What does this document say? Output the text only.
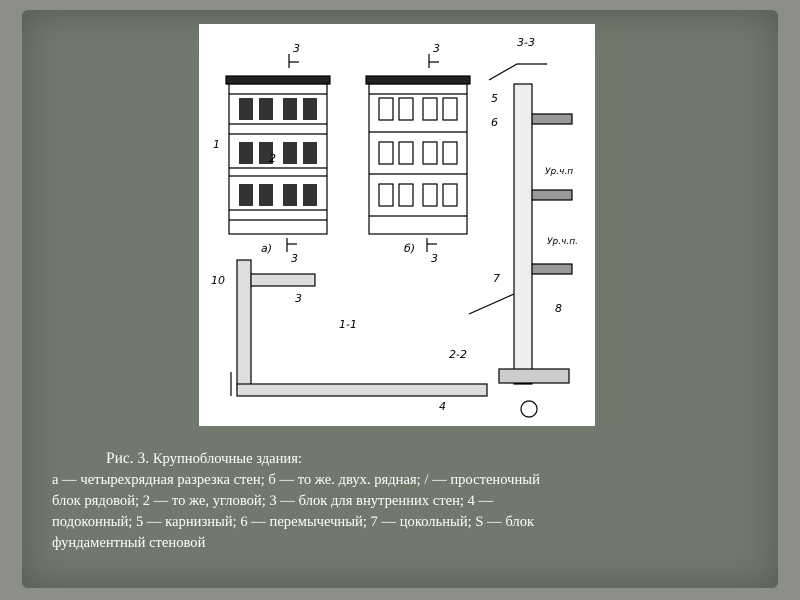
3	3
3	3
3-3
1-1
2-2
a)	б)
1
2
3
4
5
6
7
8
10
Ур.ч.п
Ур.ч.п.
Рис. 3. Крупноблочные здания:
а — четырехрядная разрезка стен; б — то же. двух. рядная; / — простеночный
блок рядовой; 2 — то же, угловой; 3 — блок для внутренних стен; 4 —
подоконный; 5 — карнизный; 6 — перемычечный; 7 — цокольный; S — блок
фундаментный стеновой
